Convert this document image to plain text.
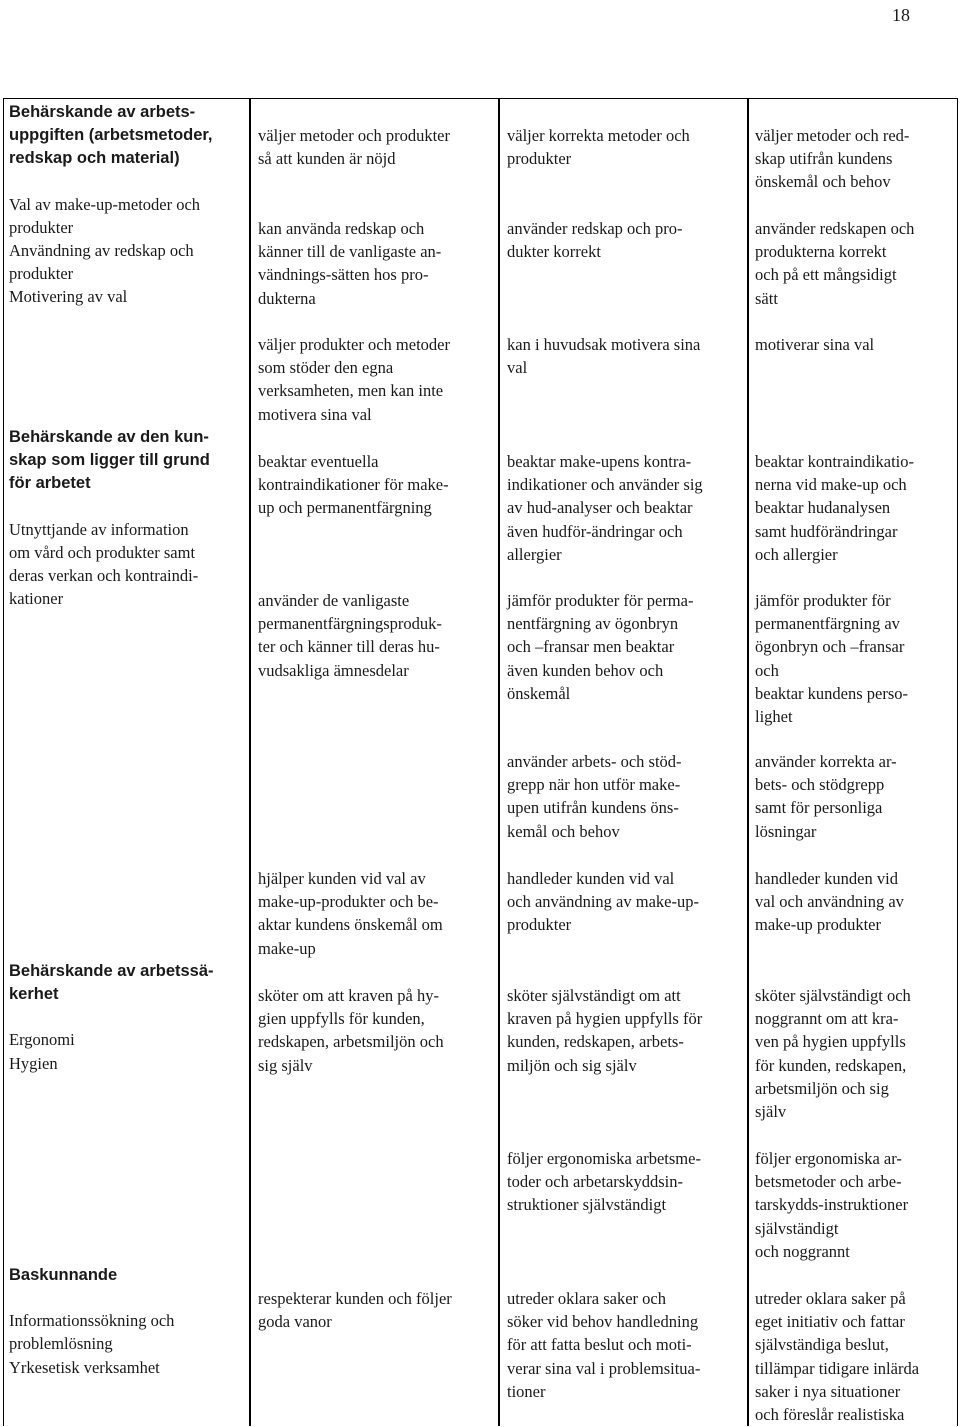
18
Behärskande av arbets-
uppgiften (arbetsmetoder,
redskap och material)
Val av make-up-metoder och
produkter
Användning av redskap och
produkter
Motivering av val
Behärskande av den kun-
skap som ligger till grund
för arbetet
Utnyttjande av information
om vård och produkter samt
deras verkan och kontraindi-
kationer
Behärskande av arbetssä-
kerhet
Ergonomi
Hygien
Baskunnande
Informationssökning och
problemlösning
Yrkesetisk verksamhet
väljer metoder och produkter
så att kunden är nöjd
kan använda redskap och
känner till de vanligaste an-
vändnings-sätten hos pro-
dukterna
väljer produkter och metoder
som stöder den egna
verksamheten, men kan inte
motivera sina val
beaktar eventuella
kontraindikationer för make-
up och permanentfärgning
använder de vanligaste
permanentfärgningsproduk-
ter och känner till deras hu-
vudsakliga ämnesdelar
hjälper kunden vid val av
make-up-produkter och be-
aktar kundens önskemål om
make-up
sköter om att kraven på hy-
gien uppfylls för kunden,
redskapen, arbetsmiljön och
sig själv
respekterar kunden och följer
goda vanor
väljer korrekta metoder och
produkter
använder redskap och pro-
dukter korrekt
kan i huvudsak motivera sina
val
beaktar make-upens kontra-
indikationer och använder sig
av hud-analyser och beaktar
även hudför-ändringar och
allergier
jämför produkter för perma-
nentfärgning av ögonbryn
och –fransar men beaktar
även kunden behov och
önskemål
använder arbets- och stöd-
grepp när hon utför make-
upen utifrån kundens öns-
kemål och behov
handleder kunden vid val
och användning av make-up-
produkter
sköter självständigt om att
kraven på hygien uppfylls för
kunden, redskapen, arbets-
miljön och sig själv
följer ergonomiska arbetsme-
toder och arbetarskyddsin-
struktioner självständigt
utreder oklara saker och
söker vid behov handledning
för att fatta beslut och moti-
verar sina val i problemsitua-
tioner
väljer metoder och red-
skap utifrån kundens
önskemål och behov
använder redskapen och
produkterna korrekt
och på ett mångsidigt
sätt
motiverar sina val
beaktar kontraindikatio-
nerna vid make-up och
beaktar hudanalysen
samt hudförändringar
och allergier
jämför produkter för
permanentfärgning av
ögonbryn och –fransar
och
beaktar kundens perso-
lighet
använder korrekta ar-
bets- och stödgrepp
samt för personliga
lösningar
handleder kunden vid
val och användning av
make-up produkter
sköter självständigt och
noggrannt om att kra-
ven på hygien uppfylls
för kunden, redskapen,
arbetsmiljön och sig
själv
följer ergonomiska ar-
betsmetoder och arbe-
tarskydds-instruktioner
självständigt
och noggrannt
utreder oklara saker på
eget initiativ och fattar
självständiga beslut,
tillämpar tidigare inlärda
saker i nya situationer
och föreslår realistiska
